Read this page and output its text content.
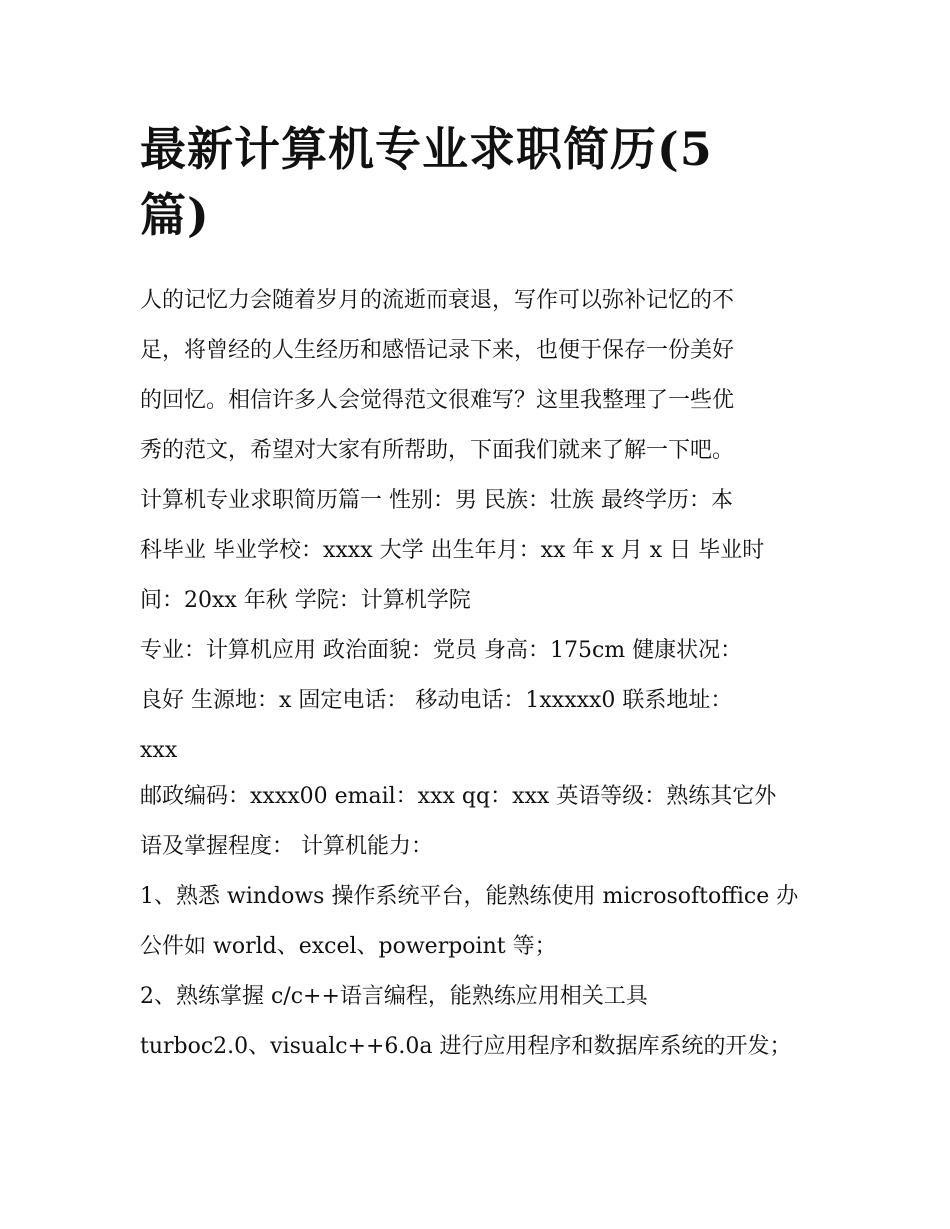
最新计算机专业求职简历(5
篇)
人的记忆力会随着岁月的流逝而衰退，写作可以弥补记忆的不
足，将曾经的人生经历和感悟记录下来，也便于保存一份美好
的回忆。相信许多人会觉得范文很难写？这里我整理了一些优
秀的范文，希望对大家有所帮助，下面我们就来了解一下吧。
计算机专业求职简历篇一 性别：男 民族：壮族 最终学历：本
科毕业 毕业学校：xxxx 大学 出生年月：xx 年 x 月 x 日 毕业时
间：20xx 年秋 学院：计算机学院
专业：计算机应用 政治面貌：党员 身高：175cm 健康状况：
良好 生源地：x 固定电话： 移动电话：1xxxxx0 联系地址：
xxx
邮政编码：xxxx00 email：xxx qq：xxx 英语等级：熟练其它外
语及掌握程度： 计算机能力：
1、熟悉 windows 操作系统平台，能熟练使用 microsoftoffice 办
公件如 world、excel、powerpoint 等；
2、熟练掌握 c/c++语言编程，能熟练应用相关工具
turboc2.0、visualc++6.0a 进行应用程序和数据库系统的开发；
